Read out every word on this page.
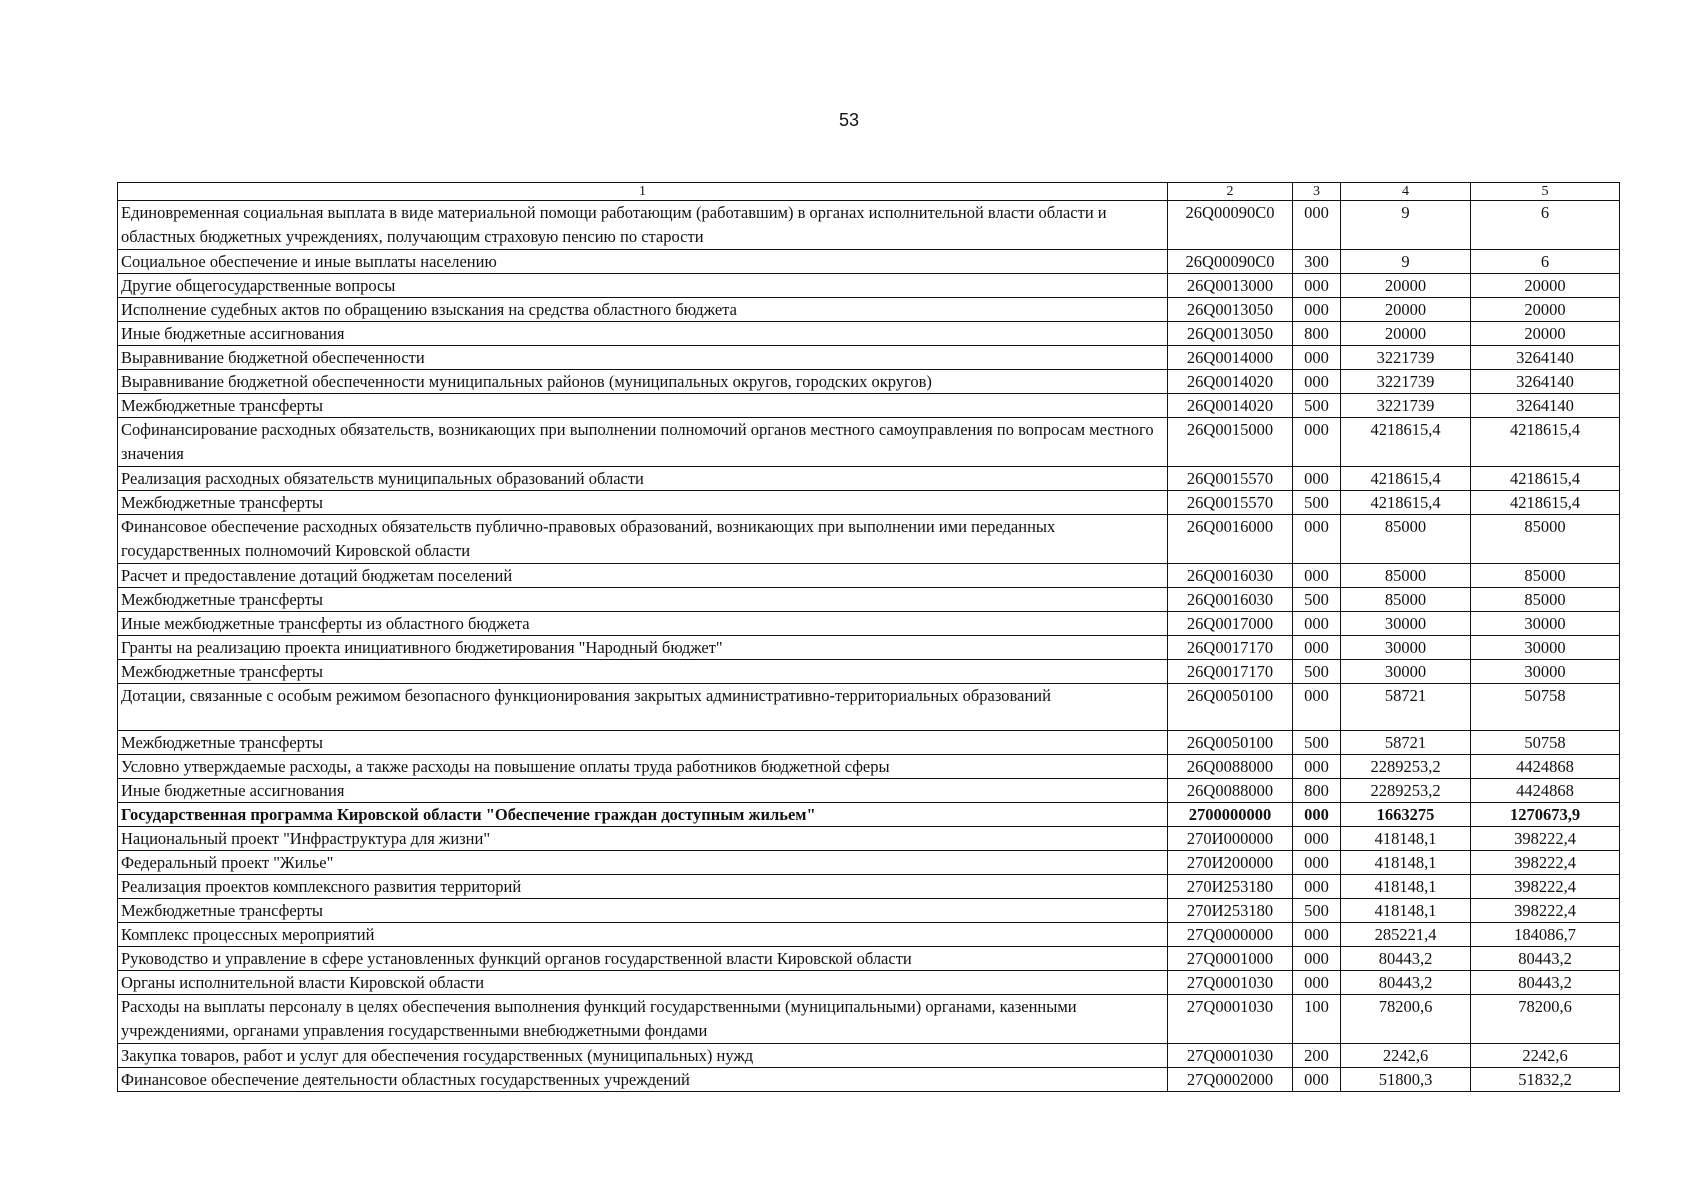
53
1	2	3	4	5
Единовременная социальная выплата в виде материальной помощи работающим (работавшим) в органах исполнительной власти области и областных бюджетных учреждениях, получающим страховую пенсию по старости	26Q00090C0	000	9	6
Социальное обеспечение и иные выплаты населению	26Q00090C0	300	9	6
Другие общегосударственные вопросы	26Q0013000	000	20000	20000
Исполнение судебных актов по обращению взыскания на средства областного бюджета	26Q0013050	000	20000	20000
Иные бюджетные ассигнования	26Q0013050	800	20000	20000
Выравнивание бюджетной обеспеченности	26Q0014000	000	3221739	3264140
Выравнивание бюджетной обеспеченности муниципальных районов (муниципальных округов, городских округов)	26Q0014020	000	3221739	3264140
Межбюджетные трансферты	26Q0014020	500	3221739	3264140
Софинансирование расходных обязательств, возникающих при выполнении полномочий органов местного самоуправления по вопросам местного значения	26Q0015000	000	4218615,4	4218615,4
Реализация расходных обязательств муниципальных образований области	26Q0015570	000	4218615,4	4218615,4
Межбюджетные трансферты	26Q0015570	500	4218615,4	4218615,4
Финансовое обеспечение расходных обязательств публично-правовых образований, возникающих при выполнении ими переданных государственных полномочий Кировской области	26Q0016000	000	85000	85000
Расчет и предоставление дотаций бюджетам поселений	26Q0016030	000	85000	85000
Межбюджетные трансферты	26Q0016030	500	85000	85000
Иные межбюджетные трансферты из областного бюджета	26Q0017000	000	30000	30000
Гранты на реализацию проекта инициативного бюджетирования "Народный бюджет"	26Q0017170	000	30000	30000
Межбюджетные трансферты	26Q0017170	500	30000	30000
Дотации, связанные с особым режимом безопасного функционирования закрытых административно-территориальных образований	26Q0050100	000	58721	50758
Межбюджетные трансферты	26Q0050100	500	58721	50758
Условно утверждаемые расходы, а также расходы на повышение оплаты труда работников бюджетной сферы	26Q0088000	000	2289253,2	4424868
Иные бюджетные ассигнования	26Q0088000	800	2289253,2	4424868
Государственная программа Кировской области "Обеспечение граждан доступным жильем"	2700000000	000	1663275	1270673,9
Национальный проект "Инфраструктура для жизни"	270И000000	000	418148,1	398222,4
Федеральный проект "Жилье"	270И200000	000	418148,1	398222,4
Реализация проектов комплексного развития территорий	270И253180	000	418148,1	398222,4
Межбюджетные трансферты	270И253180	500	418148,1	398222,4
Комплекс процессных мероприятий	27Q0000000	000	285221,4	184086,7
Руководство и управление в сфере установленных функций органов государственной власти Кировской области	27Q0001000	000	80443,2	80443,2
Органы исполнительной власти Кировской области	27Q0001030	000	80443,2	80443,2
Расходы на выплаты персоналу в целях обеспечения выполнения функций государственными (муниципальными) органами, казенными учреждениями, органами управления государственными внебюджетными фондами	27Q0001030	100	78200,6	78200,6
Закупка товаров, работ и услуг для обеспечения государственных (муниципальных) нужд	27Q0001030	200	2242,6	2242,6
Финансовое обеспечение деятельности областных государственных учреждений	27Q0002000	000	51800,3	51832,2
